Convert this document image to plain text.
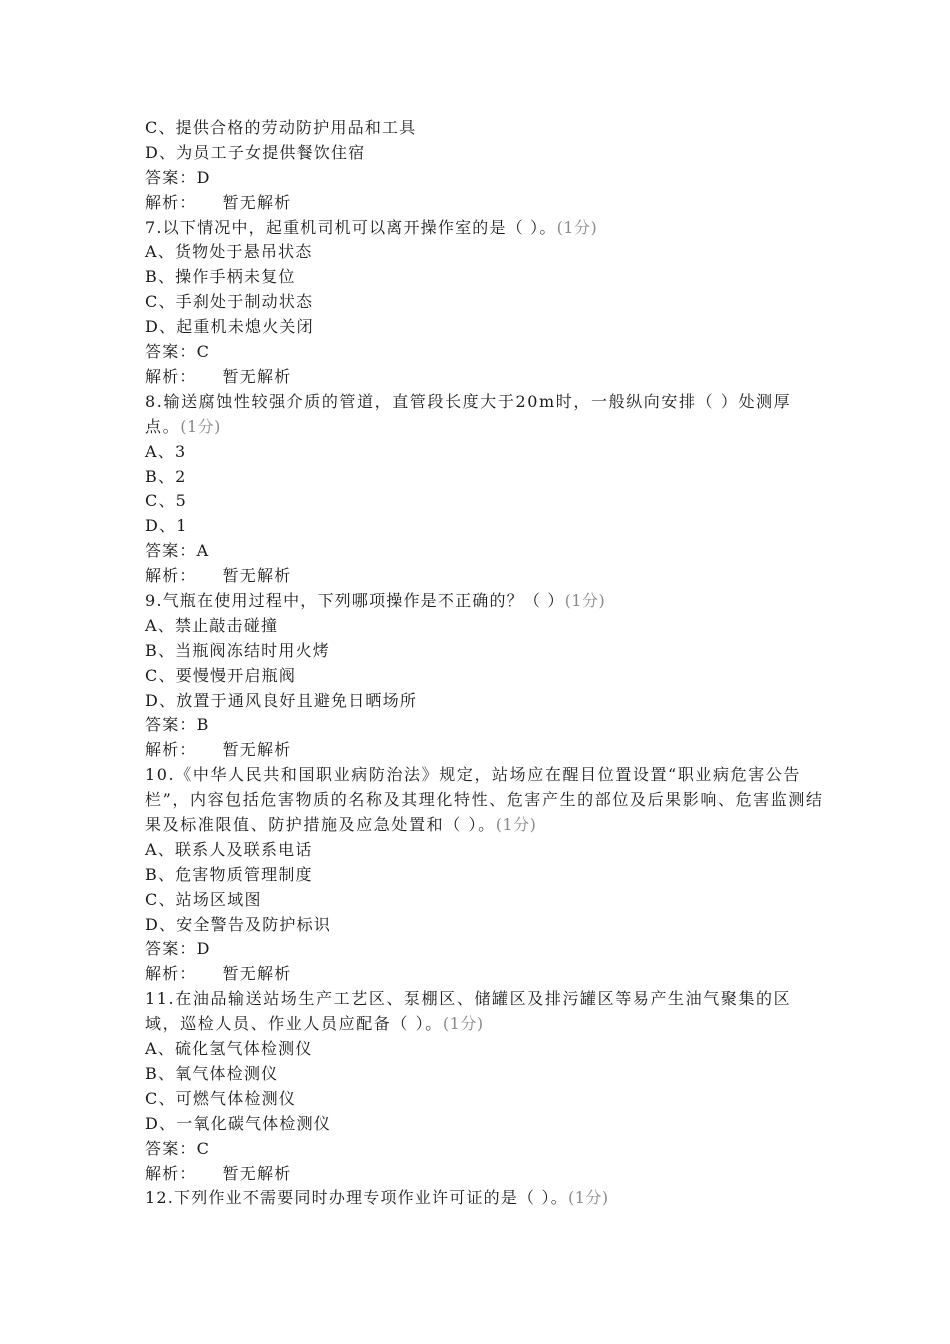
C、提供合格的劳动防护用品和工具
D、为员工子女提供餐饮住宿
答案：D
解析： 暂无解析
7.以下情况中，起重机司机可以离开操作室的是（ ）。(1分)
A、货物处于悬吊状态
B、操作手柄未复位
C、手刹处于制动状态
D、起重机未熄火关闭
答案：C
解析： 暂无解析
8.输送腐蚀性较强介质的管道，直管段长度大于20m时，一般纵向安排（ ）处测厚点。(1分)
A、3
B、2
C、5
D、1
答案：A
解析： 暂无解析
9.气瓶在使用过程中，下列哪项操作是不正确的？（ ）(1分)
A、禁止敲击碰撞
B、当瓶阀冻结时用火烤
C、要慢慢开启瓶阀
D、放置于通风良好且避免日晒场所
答案：B
解析： 暂无解析
10.《中华人民共和国职业病防治法》规定，站场应在醒目位置设置“职业病危害公告栏”，内容包括危害物质的名称及其理化特性、危害产生的部位及后果影响、危害监测结果及标准限值、防护措施及应急处置和（ ）。(1分)
A、联系人及联系电话
B、危害物质管理制度
C、站场区域图
D、安全警告及防护标识
答案：D
解析： 暂无解析
11.在油品输送站场生产工艺区、泵棚区、储罐区及排污罐区等易产生油气聚集的区域，巡检人员、作业人员应配备（ ）。(1分)
A、硫化氢气体检测仪
B、氧气体检测仪
C、可燃气体检测仪
D、一氧化碳气体检测仪
答案：C
解析： 暂无解析
12.下列作业不需要同时办理专项作业许可证的是（ ）。(1分)
